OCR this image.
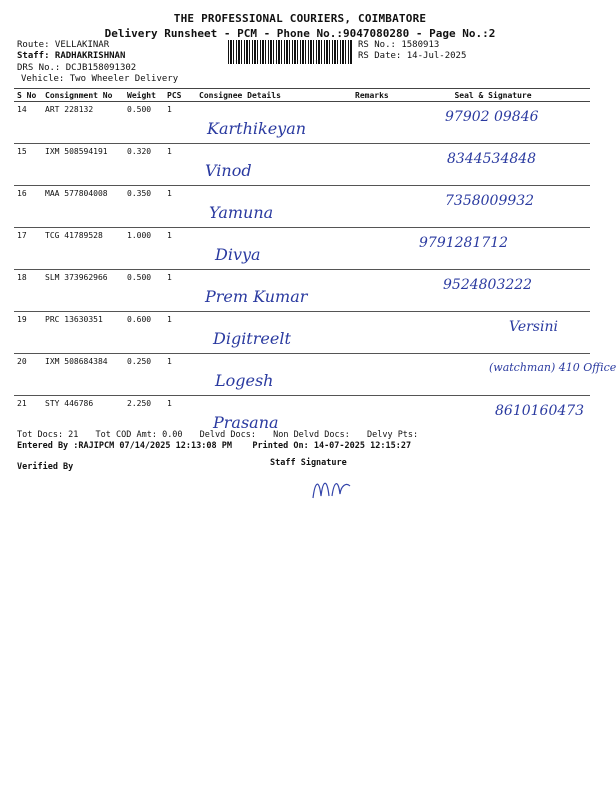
THE PROFESSIONAL COURIERS, COIMBATORE
Delivery Runsheet - PCM - Phone No.:9047080280 - Page No.:2
Route: VELLAKINAR
Staff: RADHAKRISHNAN
DRS No.: DCJB158091302
Vehicle: Two Wheeler Delivery
RS No.: 1580913
RS Date: 14-Jul-2025
S No	Consignment No	Weight	PCS	Consignee Details	Remarks	Seal & Signature
14	ART 228132	0.500	1	Karthikeyan		97902 09846
15	IXM 508594191	0.320	1	Vinod		8344534848
16	MAA 577804008	0.350	1	Yamuna		7358009932
17	TCG 41789528	1.000	1	Divya		9791281712
18	SLM 373962966	0.500	1	Prem Kumar		9524803222
19	PRC 13630351	0.600	1	Digitreelt		Versini
20	IXM 508684384	0.250	1	Logesh		(watchman) 410 Office
21	STY 446786	2.250	1	Prasana		8610160473
Tot Docs: 21 Tot COD Amt: 0.00 Delvd Docs: Non Delvd Docs: Delvy Pts:
Entered By :RAJIPCM 07/14/2025 12:13:08 PM Printed On: 14-07-2025 12:15:27
Verified By	Staff Signature
